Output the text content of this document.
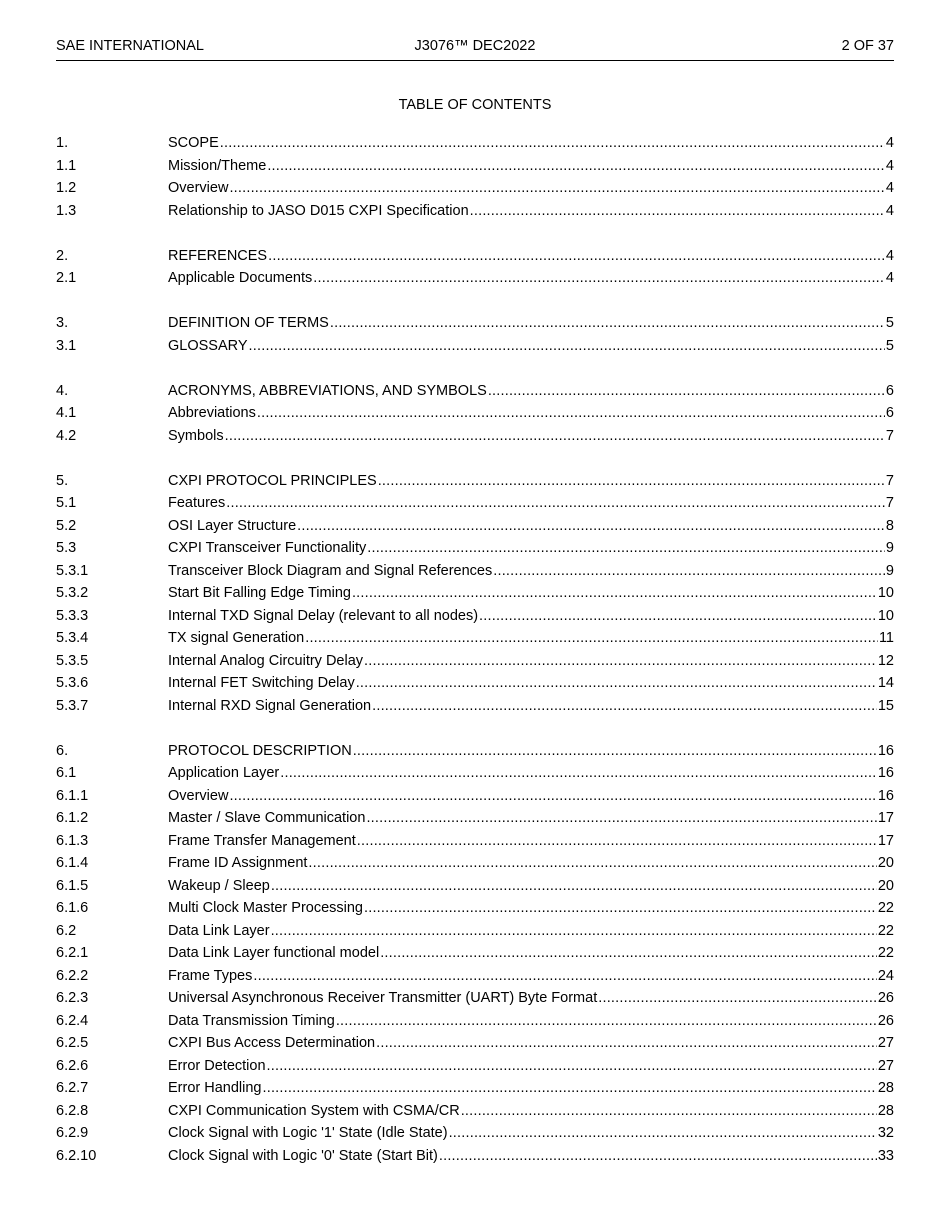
SAE INTERNATIONAL	J3076™ DEC2022	2 OF 37
TABLE OF CONTENTS
1.	SCOPE .....	4
1.1	Mission/Theme .....	4
1.2	Overview .....	4
1.3	Relationship to JASO D015 CXPI Specification .....	4
2.	REFERENCES .....	4
2.1	Applicable Documents .....	4
3.	DEFINITION OF TERMS .....	5
3.1	GLOSSARY .....	5
4.	ACRONYMS, ABBREVIATIONS, AND SYMBOLS .....	6
4.1	Abbreviations .....	6
4.2	Symbols .....	7
5.	CXPI PROTOCOL PRINCIPLES .....	7
5.1	Features .....	7
5.2	OSI Layer Structure .....	8
5.3	CXPI Transceiver Functionality .....	9
5.3.1	Transceiver Block Diagram and Signal References .....	9
5.3.2	Start Bit Falling Edge Timing .....	10
5.3.3	Internal TXD Signal Delay (relevant to all nodes) .....	10
5.3.4	TX signal Generation .....	11
5.3.5	Internal Analog Circuitry Delay .....	12
5.3.6	Internal FET Switching Delay .....	14
5.3.7	Internal RXD Signal Generation .....	15
6.	PROTOCOL DESCRIPTION .....	16
6.1	Application Layer .....	16
6.1.1	Overview .....	16
6.1.2	Master / Slave Communication .....	17
6.1.3	Frame Transfer Management .....	17
6.1.4	Frame ID Assignment .....	20
6.1.5	Wakeup / Sleep .....	20
6.1.6	Multi Clock Master Processing .....	22
6.2	Data Link Layer .....	22
6.2.1	Data Link Layer functional model .....	22
6.2.2	Frame Types .....	24
6.2.3	Universal Asynchronous Receiver Transmitter (UART) Byte Format .....	26
6.2.4	Data Transmission Timing .....	26
6.2.5	CXPI Bus Access Determination .....	27
6.2.6	Error Detection .....	27
6.2.7	Error Handling .....	28
6.2.8	CXPI Communication System with CSMA/CR .....	28
6.2.9	Clock Signal with Logic '1' State (Idle State) .....	32
6.2.10	Clock Signal with Logic '0' State (Start Bit) .....	33
